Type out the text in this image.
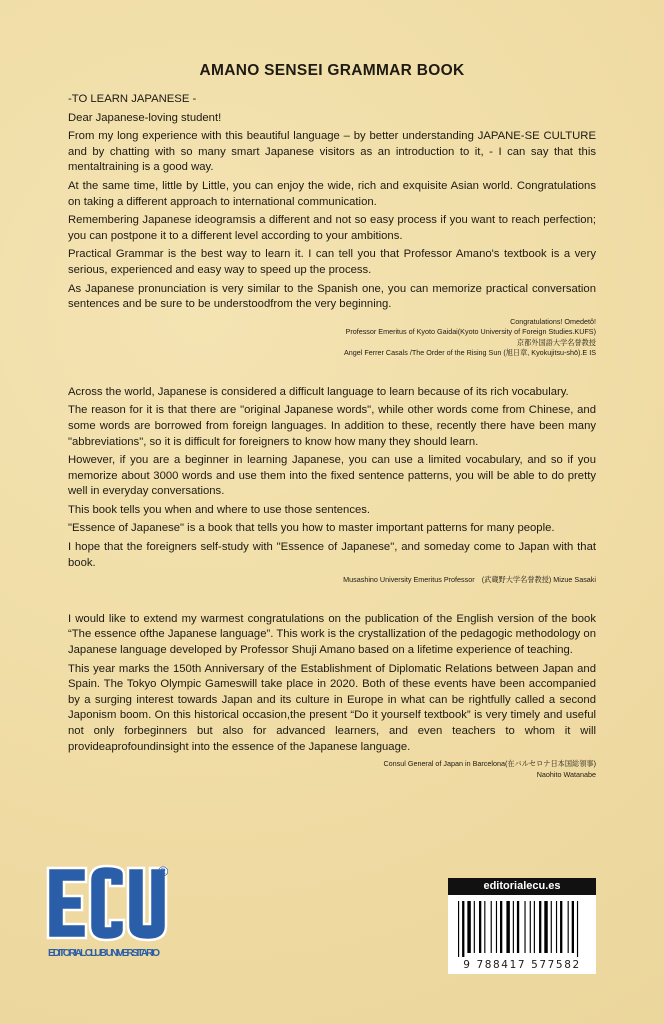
AMANO SENSEI GRAMMAR BOOK

-TO LEARN JAPANESE -

Dear Japanese-loving student!

From my long experience with this beautiful language – by better understanding JAPANE-SE CULTURE and by chatting with so many smart Japanese visitors as an introduction to it, - I can say that this mentaltraining is a good way.

At the same time, little by Little, you can enjoy the wide, rich and exquisite Asian world. Congratulations on taking a different approach to international communication.

Remembering Japanese ideogramsis a different and not so easy process if you want to reach perfection; you can postpone it to a different level according to your ambitions.

Practical Grammar is the best way to learn it. I can tell you that Professor Amano's textbook is a very serious, experienced and easy way to speed up the process.

As Japanese pronunciation is very similar to the Spanish one, you can memorize practical conversation sentences and be sure to be understoodfrom the very beginning.

Congratulations! Omedetô!
Professor Emeritus of Kyoto Gaidai(Kyoto University of Foreign Studies.KUFS)
京都外国語大学名誉教授
Angel Ferrer Casals /The Order of the Rising Sun (旭日章, Kyokujitsu-shō).E IS

Across the world, Japanese is considered a difficult language to learn because of its rich vocabulary.

The reason for it is that there are "original Japanese words", while other words come from Chinese, and some words are borrowed from foreign languages. In addition to these, recently there have been many "abbreviations", so it is difficult for foreigners to know how many they should learn.

However, if you are a beginner in learning Japanese, you can use a limited vocabulary, and so if you memorize about 3000 words and use them into the fixed sentence patterns, you will be able to do pretty well in everyday conversations.

This book tells you when and where to use those sentences.

"Essence of Japanese" is a book that tells you how to master important patterns for many people.

I hope that the foreigners self-study with "Essence of Japanese", and someday come to Japan with that book.

Musashino University Emeritus Professor　(武蔵野大学名誉教授) Mizue Sasaki

I would like to extend my warmest congratulations on the publication of the English version of the book “The essence ofthe Japanese language”. This work is the crystallization of the pedagogic methodology on Japanese language developed by Professor Shuji Amano based on a lifetime experience of teaching.

This year marks the 150th Anniversary of the Establishment of Diplomatic Relations between Japan and Spain. The Tokyo Olympic Gameswill take place in 2020. Both of these events have been accompanied by a surging interest towards Japan and its culture in Europe in what can be rightfully called a second Japonism boom. On this historical occasion,the present “Do it yourself textbook” is very timely and useful not only forbeginners but also for advanced learners, and even teachers to whom it will provideaprofoundinsight into the essence of the Japanese language.

Consul General of Japan in Barcelona(在バルセロナ日本国総領事)
Naohito Watanabe
®
EDITORIAL CLUB UNIVERSITARIO
editorialecu.es
9 788417 577582
